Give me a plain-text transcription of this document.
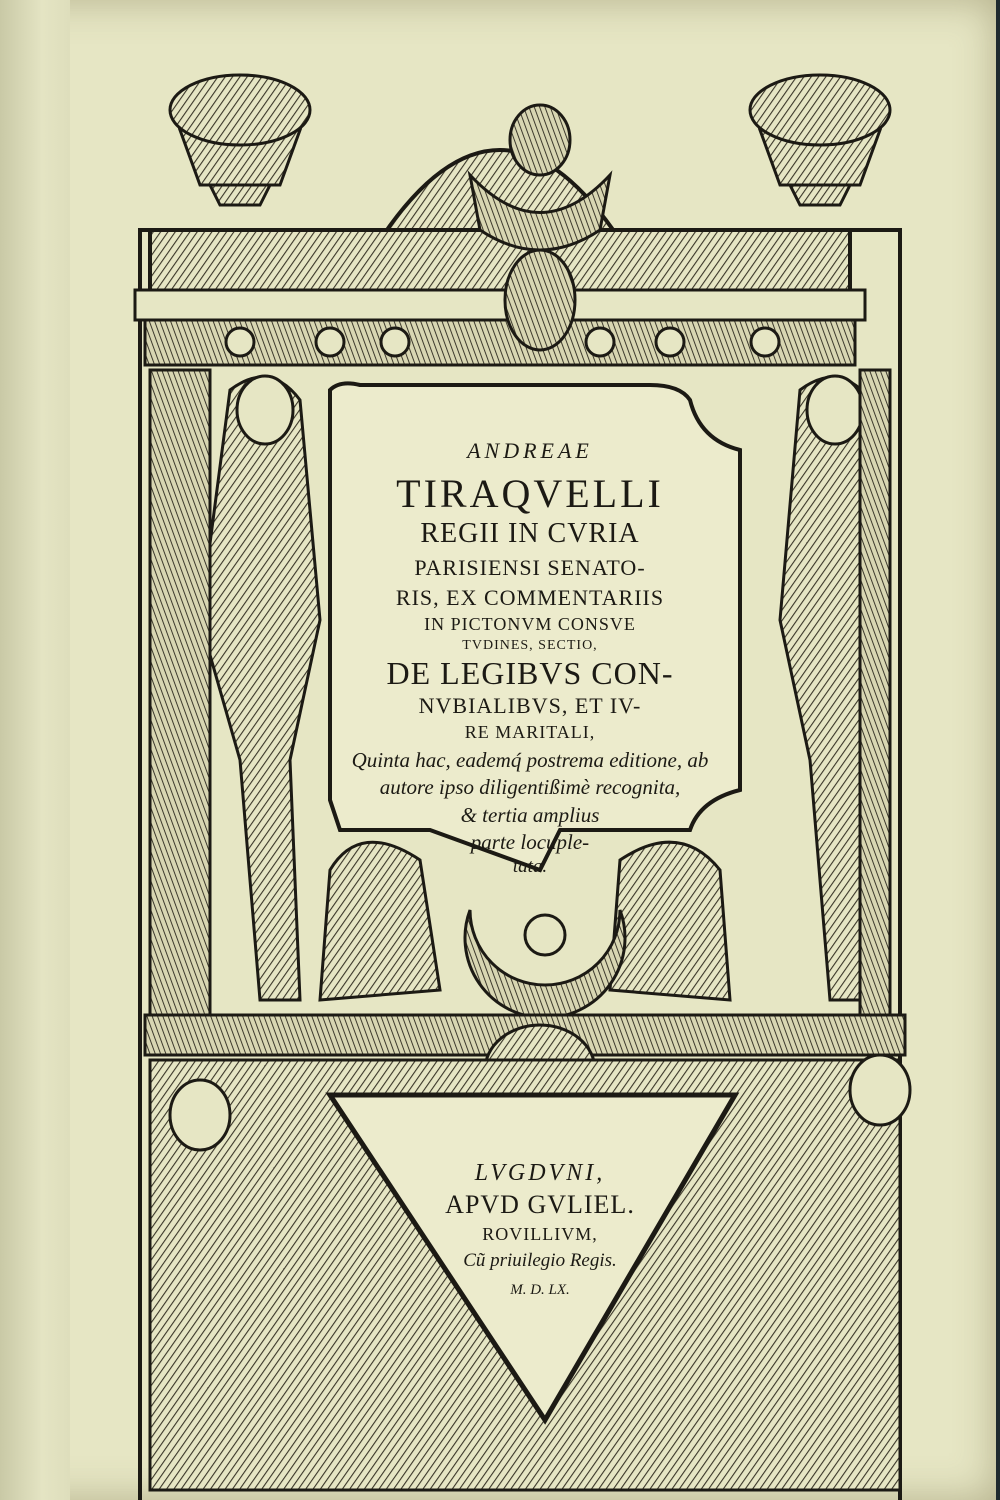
ANDREAE
TIRAQVELLI
REGII IN CVRIA
PARISIENSI SENATO-
RIS, EX COMMENTARIIS
IN PICTONVM CONSVE
TVDINES, SECTIO,
DE LEGIBVS CON-
NVBIALIBVS, ET IV-
RE MARITALI,
Quinta hac, eademq́ postrema editione, ab
autore ipso diligentißimè recognita,
& tertia amplius
parte locuple-
tata.
LVGDVNI,
APVD GVLIEL.
ROVILLIVM,
Cũ priuilegio Regis.
M. D. LX.
